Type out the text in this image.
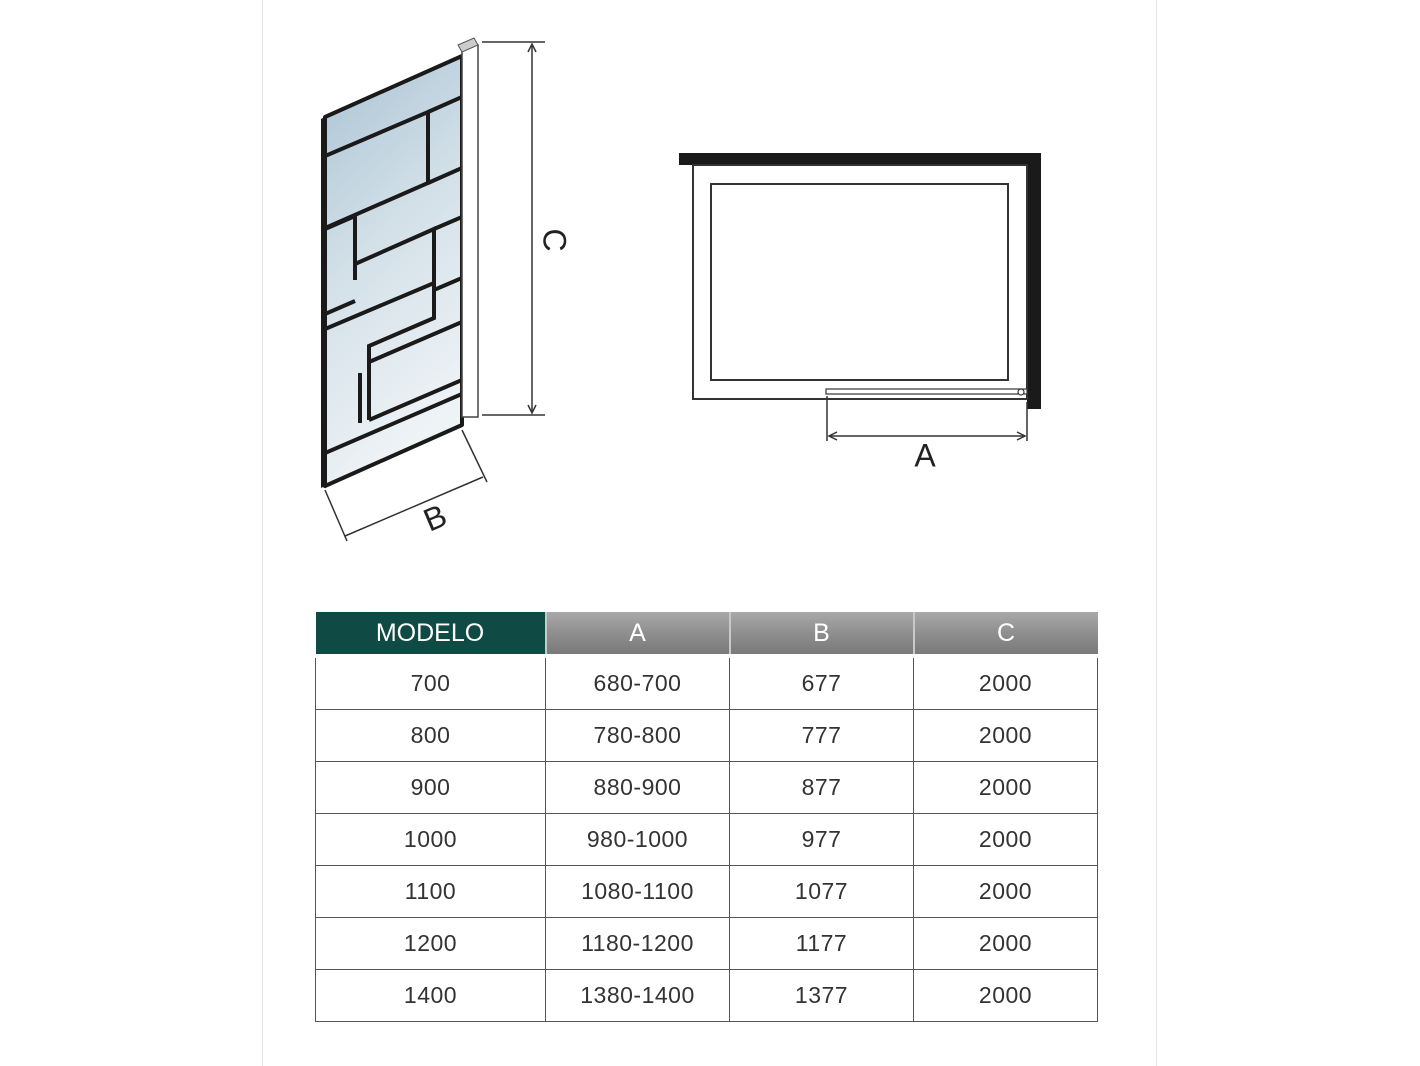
C
B
A
MODELO	A	B	C
700	680-700	677	2000
800	780-800	777	2000
900	880-900	877	2000
1000	980-1000	977	2000
1100	1080-1100	1077	2000
1200	1180-1200	1177	2000
1400	1380-1400	1377	2000
